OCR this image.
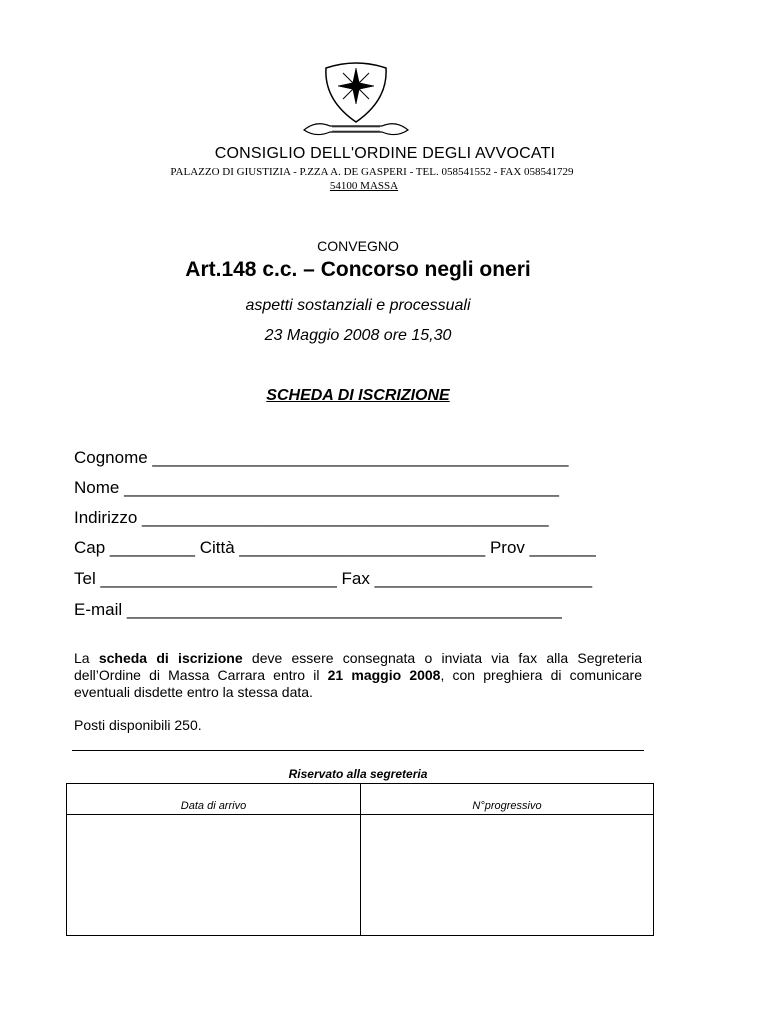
CONSIGLIO DELL'ORDINE DEGLI AVVOCATI
PALAZZO DI GIUSTIZIA - P.ZZA A. DE GASPERI - TEL. 058541552 - FAX 058541729
54100 MASSA
CONVEGNO
Art.148 c.c. – Concorso negli oneri
aspetti sostanziali e processuali
23 Maggio 2008 ore 15,30
SCHEDA DI ISCRIZIONE
Cognome ____________________________________________
Nome ______________________________________________
Indirizzo ___________________________________________
Cap _________ Città __________________________ Prov _______
Tel _________________________ Fax _______________________
E-mail ______________________________________________
La scheda di iscrizione deve essere consegnata o inviata via fax alla Segreteria dell’Ordine di Massa Carrara entro il 21 maggio 2008, con preghiera di comunicare eventuali disdette entro la stessa data.
Posti disponibili 250.
Riservato alla segreteria
Data di arrivo	N°progressivo
